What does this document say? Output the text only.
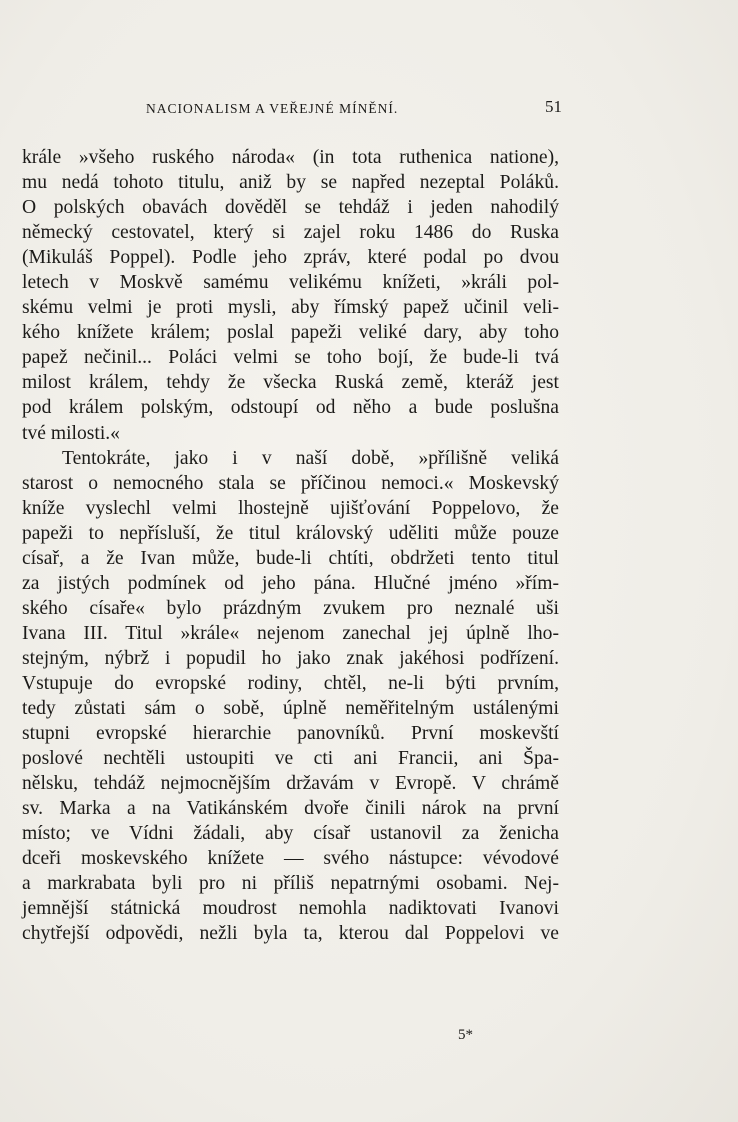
NACIONALISM A VEŘEJNÉ MÍNĚNÍ.	51
krále »všeho ruského národa« (in tota ruthenica natione),
mu nedá tohoto titulu, aniž by se napřed nezeptal Poláků.
O polských obavách dověděl se tehdáž i jeden nahodilý
německý cestovatel, který si zajel roku 1486 do Ruska
(Mikuláš Poppel). Podle jeho zpráv, které podal po dvou
letech v Moskvě samému velikému knížeti, »králi pol-
skému velmi je proti mysli, aby římský papež učinil veli-
kého knížete králem; poslal papeži veliké dary, aby toho
papež nečinil... Poláci velmi se toho bojí, že bude-li tvá
milost králem, tehdy že všecka Ruská země, kteráž jest
pod králem polským, odstoupí od něho a bude poslušna
tvé milosti.«
Tentokráte, jako i v naší době, »přílišně veliká
starost o nemocného stala se příčinou nemoci.« Moskevský
kníže vyslechl velmi lhostejně ujišťování Poppelovo, že
papeži to nepřísluší, že titul královský uděliti může pouze
císař, a že Ivan může, bude-li chtíti, obdržeti tento titul
za jistých podmínek od jeho pána. Hlučné jméno »řím-
ského císaře« bylo prázdným zvukem pro neznalé uši
Ivana III. Titul »krále« nejenom zanechal jej úplně lho-
stejným, nýbrž i popudil ho jako znak jakéhosi podřízení.
Vstupuje do evropské rodiny, chtěl, ne-li býti prvním,
tedy zůstati sám o sobě, úplně neměřitelným ustálenými
stupni evropské hierarchie panovníků. První moskevští
poslové nechtěli ustoupiti ve cti ani Francii, ani Špa-
nělsku, tehdáž nejmocnějším državám v Evropě. V chrámě
sv. Marka a na Vatikánském dvoře činili nárok na první
místo; ve Vídni žádali, aby císař ustanovil za ženicha
dceři moskevského knížete — svého nástupce: vévodové
a markrabata byli pro ni příliš nepatrnými osobami. Nej-
jemnější státnická moudrost nemohla nadiktovati Ivanovi
chytřejší odpovědi, nežli byla ta, kterou dal Poppelovi ve
5*
